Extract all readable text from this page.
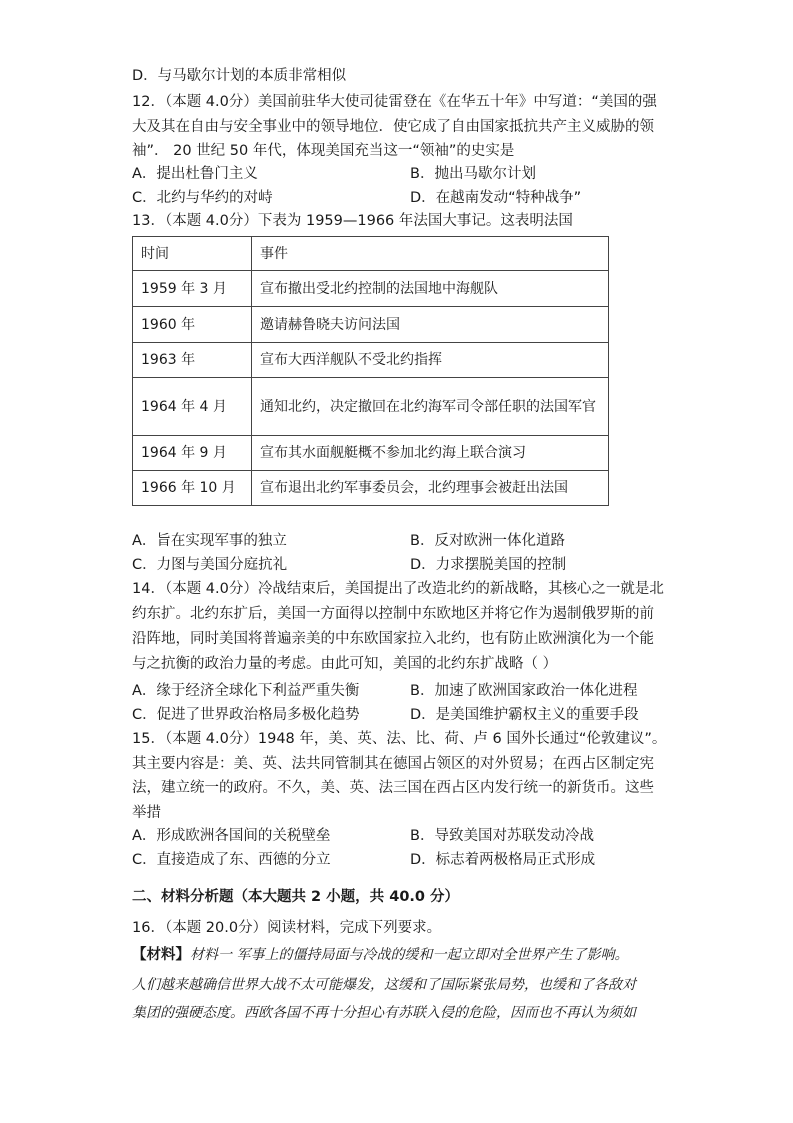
D．与马歇尔计划的本质非常相似
12．（本题 4.0分）美国前驻华大使司徒雷登在《在华五十年》中写道：“美国的强
大及其在自由与安全事业中的领导地位．使它成了自由国家抵抗共产主义威胁的领
袖”． 20 世纪 50 年代，体现美国充当这一“领袖”的史实是
A．提出杜鲁门主义	B．抛出马歇尔计划
C．北约与华约的对峙	D．在越南发动“特种战争”
13．（本题 4.0分）下表为 1959—1966 年法国大事记。这表明法国
时间	事件
1959 年 3 月	宣布撤出受北约控制的法国地中海舰队
1960 年	邀请赫鲁晓夫访问法国
1963 年	宣布大西洋舰队不受北约指挥
1964 年 4 月	通知北约，决定撤回在北约海军司令部任职的法国军官
1964 年 9 月	宣布其水面舰艇概不参加北约海上联合演习
1966 年 10 月	宣布退出北约军事委员会，北约理事会被赶出法国
A．旨在实现军事的独立	B．反对欧洲一体化道路
C．力图与美国分庭抗礼	D．力求摆脱美国的控制
14．（本题 4.0分）冷战结束后，美国提出了改造北约的新战略，其核心之一就是北
约东扩。北约东扩后，美国一方面得以控制中东欧地区并将它作为遏制俄罗斯的前
沿阵地，同时美国将普遍亲美的中东欧国家拉入北约，也有防止欧洲演化为一个能
与之抗衡的政治力量的考虑。由此可知，美国的北约东扩战略（ ）
A．缘于经济全球化下利益严重失衡	B．加速了欧洲国家政治一体化进程
C．促进了世界政治格局多极化趋势	D．是美国维护霸权主义的重要手段
15．（本题 4.0分）1948 年，美、英、法、比、荷、卢 6 国外长通过“伦敦建议”。
其主要内容是：美、英、法共同管制其在德国占领区的对外贸易；在西占区制定宪
法，建立统一的政府。不久，美、英、法三国在西占区内发行统一的新货币。这些
举措
A．形成欧洲各国间的关税壁垒	B．导致美国对苏联发动冷战
C．直接造成了东、西德的分立	D．标志着两极格局正式形成
二、材料分析题（本大题共 2 小题，共 40.0 分）
16．（本题 20.0分）阅读材料，完成下列要求。
【材料】材料一 军事上的僵持局面与冷战的缓和一起立即对全世界产生了影响。
人们越来越确信世界大战不太可能爆发，这缓和了国际紧张局势，也缓和了各敌对
集团的强硬态度。西欧各国不再十分担心有苏联入侵的危险，因而也不再认为须如
